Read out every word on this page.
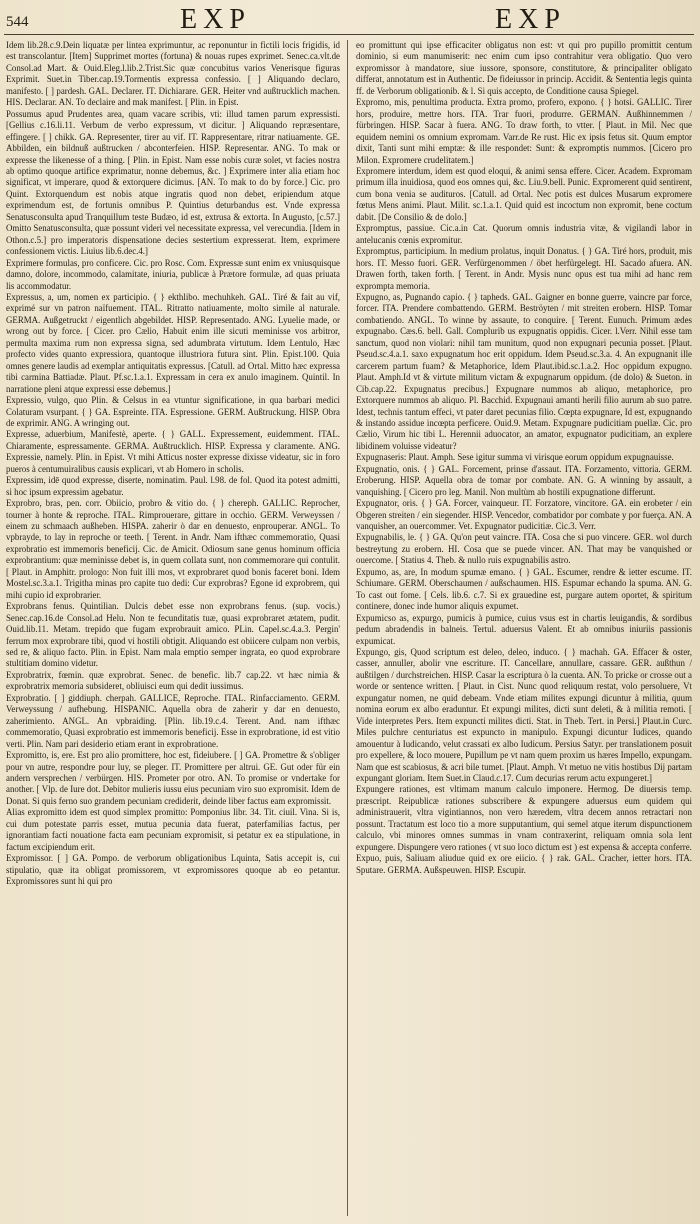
544	EXP	EXP

Idem lib.28.c.9.Dein liquatæ per lintea exprimuntur, ac reponuntur in fictili locis frigidis, id est transcolantur. [Item] Supprimet mortes (fortuna) & nouas rupes exprimet. Senec.ca.vlt.de Consol.ad Mart. & Ouid.Eleg.l.lib.2.Trist.Sic quæ concubitus varios Venerisque figuras Exprimit. Suet.in Tiber.cap.19.Tormentis expressa confessio. [ ] Aliquando declaro, manifesto. [ ] pardesh. GAL. Declarer. IT. Dichiarare. GER. Heiter vnd außtrucklich machen. HIS. Declarar. AN. To declaire and mak manifest. [ Plin. in Epist.

Possumus apud Prudentes area, quam vacare scribis, vti: illud tamen parum expressisti. [Gellius c.16.li.11. Verbum de verbo expressum, vt dicitur. ] Aliquando repræsentare, effingere. [ ] chikk. GA. Representer, tirer au vif. IT. Rappresentare, ritrar natiuamente. GE. Abbilden, ein bildnuß außtrucken / abconterfeien. HISP. Representar. ANG. To mak or expresse the likenesse of a thing. [ Plin. in Epist. Nam esse nobis curæ solet, vt facies nostra ab optimo quoque artifice exprimatur, nonne debemus, &c. ] Exprimere inter alia etiam hoc significat, vt imperare, quod & extorquere dicimus. [AN. To mak to do by force.] Cic. pro Quint. Extorquendum est nobis atque ingratis quod non debet, eripiendum atque exprimendum est, de fortunis omnibus P. Quintius deturbandus est. Vnde expressa Senatusconsulta apud Tranquillum teste Budæo, id est, extrusa & extorta. In Augusto, [c.57.] Omitto Senatusconsulta, quæ possunt videri vel necessitate expressa, vel verecundia. [Idem in Othon.c.5.] pro imperatoris dispensatione decies sestertium expresserat. Item, exprimere confessionem victis. Liuius lib.6.dec.4.]

Exprimere formulas, pro conficere. Cic. pro Rosc. Com. Expressæ sunt enim ex vniusquisque damno, dolore, incommodo, calamitate, iniuria, publicæ à Prætore formulæ, ad quas priuata lis accommodatur.

Expressus, a, um, nomen ex participio. { } ekthlibo. mechuhkeh. GAL. Tiré & fait au vif, exprimé sur vn patron naïfuement. ITAL. Ritratto natiuamente, molto simile al naturale. GERMA. Außgetruckt / eigentlich abgebildet. HISP. Representado. ANG. Lyuelie made, or wrong out by force. [ Cicer. pro Cælio, Habuit enim ille sicuti meminisse vos arbitror, permulta maxima rum non expressa signa, sed adumbrata virtutum. Idem Lentulo, Hæc profecto vides quanto expressiora, quantoque illustriora futura sint. Plin. Epist.100. Quia omnes genere laudis ad exemplar antiquitatis expressus. [Catull. ad Ortal. Mitto hæc expressa tibi carmina Battiadæ. Plaut. Pf.sc.1.a.1. Expressam in cera ex anulo imaginem. Quintil. In narratione pleni atque expressi esse debemus.]

Expressio, vulgo, quo Plin. & Celsus in ea vtuntur significatione, in qua barbari medici Colaturam vsurpant. { } GA. Espreinte. ITA. Espressione. GERM. Außtruckung. HISP. Obra de exprimir. ANG. A wringing out.

Expresse, aduerbium, Manifestè, aperte. { } GALL. Expressement, euidemment. ITAL. Chiaramente, espressamente. GERMA. Außtrucklich. HISP. Expressa y claramente. ANG. Expressie, namely. Plin. in Epist. Vt mihi Atticus noster expresse dixisse videatur, sic in foro pueros à centumuiralibus causis explicari, vt ab Homero in scholis.

Expressim, idē quod expresse, diserte, nominatim. Paul. l.98. de fol. Quod ita potest admitti, si hoc ipsum expressim agebatur.

Exprobro, bras, pen. corr. Obiicio, probro & vitio do. { } chereph. GALLIC. Reprocher, tourner à honte & reproche. ITAL. Rimprouerare, gittare in occhio. GERM. Verweyssen / einem zu schmaach außheben. HISPA. zaherir ò dar en denuesto, enprouperar. ANGL. To vpbrayde, to lay in reproche or teeth. [ Terent. in Andr. Nam ifthæc commemoratio, Quasi exprobratio est immemoris beneficij. Cic. de Amicit. Odiosum sane genus hominum officia exprobrantium: quæ meminisse debet is, in quem collata sunt, non commemorare qui contulit. [ Plaut. in Amphitr. prologo: Non fuit illi mos, vt exprobraret quod bonis faceret boni. Idem Mostel.sc.3.a.1. Trigitha minas pro capite tuo dedi: Cur exprobras? Egone id exprobrem, qui mihi cupio id exprobrarier.

Exprobrans fenus. Quintilian. Dulcis debet esse non exprobrans fenus. (sup. vocis.) Senec.cap.16.de Consol.ad Helu. Non te fecunditatis tuæ, quasi exprobraret ætatem, pudit. Ouid.lib.11. Metam. trepido que fugam exprobrauit amico. PLin. Capel.sc.4.a.3. Pergin' ferrum mox exprobrare tibi, quod vi hostili obtigit. Aliquando est obiicere culpam non verbis, sed re, & aliquo facto. Plin. in Epist. Nam mala emptio semper ingrata, eo quod exprobrare stultitiam domino videtur.

Exprobratrix, fœmin. quæ exprobrat. Senec. de benefic. lib.7 cap.22. vt hæc nimia & exprobratrix memoria subsideret, obliuisci eum qui dedit iussimus.

Exprobratio. [ ] giddiuph. cherpah. GALLICE, Reproche. ITAL. Rinfacciamento. GERM. Verweyssung / aufhebung. HISPANIC. Aquella obra de zaherir y dar en denuesto, zaherimiento. ANGL. An vpbraiding. [Plin. lib.19.c.4. Terent. And. nam ifthæc commemoratio, Quasi exprobratio est immemoris beneficij. Esse in exprobratione, id est vitio verti. Plin. Nam pari desiderio etiam erant in exprobratione.

Expromitto, is, ere. Est pro alio promittere, hoc est, fideiubere. [ ] GA. Promettre & s'obliger pour vn autre, respondre pour luy, se pleger. IT. Promittere per altrui. GE. Gut oder für ein andern versprechen / verbürgen. HIS. Prometer por otro. AN. To promise or vndertake for another. [ Vlp. de Iure dot. Debitor mulieris iussu eius pecuniam viro suo expromisit. Idem de Donat. Si quis ferno suo grandem pecuniam crediderit, deinde liber factus eam expromissit.

Alias expromitto idem est quod simplex promitto: Pomponius libr. 34. Tit. ciuil. Vina. Si is, cui dum potestate parris esset, mutua pecunia data fuerat, paterfamilias factus, per ignorantiam facti nouatione facta eam pecuniam expromisit, si petatur ex ea stipulatione, in factum excipiendum erit.

Expromissor. [ ] GA. Pompo. de verborum obligationibus Lquinta, Satis accepit is, cui stipulatio, quæ ita obligat promissorem, vt expromissores quoque ab eo petantur. Expromissores sunt hi qui pro

eo promittunt qui ipse efficaciter obligatus non est: vt qui pro pupillo promittit centum dominio, si eum manumiserit: nec enim cum ipso contrahitur vera obligatio. Quo vero expromissor à mandatore, siue iussore, sponsore, constitutore, & principaliter obligato differat, annotatum est in Authentic. De fideiussor in princip. Accidit. & Sententia legis quinta ff. de Verborum obligationib. & l. Si quis accepto, de Conditione causa Spiegel.

Expromo, mis, penultima producta. Extra promo, profero, expono. { } hotsi. GALLIC. Tirer hors, produire, mettre hors. ITA. Trar fuori, produrre. GERMAN. Außhinnemmen / fürbringen. HISP. Sacar à fuera. ANG. To draw forth, to vtter. [ Plaut. in Mil. Nec que equidem nemini os omnium expromam. Varr.de Re rust. Hic ex ipsis fetus sit. Quum emptor dixit, Tanti sunt mihi emptæ: & ille respondet: Sunt: & expromptis nummos. [Cicero pro Milon. Expromere crudelitatem.]

Expromere interdum, idem est quod eloqui, & animi sensa effere. Cicer. Academ. Expromam primum illa inuidiosa, quod eos omnes qui, &c. Liu.9.bell. Punic. Expromerent quid sentirent, cum bona venia se audituros. [Catull. ad Ortal. Nec potis est dulces Musarum expromere fœtus Mens animi. Plaut. Milit. sc.1.a.1. Quid quid est incoctum non expromit, bene coctum dabit. [De Consilio & de dolo.]

Expromptus, passiue. Cic.a.in Cat. Quorum omnis industria vitæ, & vigilandi labor in antelucanis cœnis expromitur.

Expromptus, participium. In medium prolatus, inquit Donatus. { } GA. Tiré hors, produit, mis hors. IT. Messo fuori. GER. Verfürgenommen / öbet herfürgelegt. HI. Sacado afuera. AN. Drawen forth, taken forth. [ Terent. in Andr. Mysis nunc opus est tua mihi ad hanc rem exprompta memoria.

Expugno, as, Pugnando capio. { } tapheds. GAL. Gaigner en bonne guerre, vaincre par force, forcer. ITA. Prendere combattendo. GERM. Beströyten / mit streiten erobern. HISP. Tomar combatiendo. ANGL. To winne by assaute, to conquire. [ Terent. Eunuch. Primum ædes expugnabo. Cæs.6. bell. Gall. Complurib us expugnatis oppidis. Cicer. l.Verr. Nihil esse tam sanctum, quod non violari: nihil tam munitum, quod non expugnari pecunia posset. [Plaut. Pseud.sc.4.a.1. saxo expugnatum hoc erit oppidum. Idem Pseud.sc.3.a. 4. An expugnanit ille carcerem partum fuam? & Metaphorice, Idem Plaut.ibid.sc.1.a.2. Hoc oppidum expugno. Plaut. Amph.Id vt & virtute militum victam & expugnarum oppidum. (de dolo) & Sueton. in Cib.cap.22. Expugnatus precibus.] Expugnare nummos ab aliquo, metaphorice, pro Extorquere nummos ab aliquo. Pl. Bacchid. Expugnaui amanti herili filio aurum ab suo patre. Idest, technis tantum effeci, vt pater daret pecunias filio. Cœpta expugnare, Id est, expugnando & instando assidue incœpta perficere. Ouid.9. Metam. Expugnare pudicitiam puellæ. Cic. pro Cælio, Virum hic tibi L. Herennii aduocator, an amator, expugnator pudicitiam, an explere libidinem voluisse videatur?

Expugnaseris: Plaut. Amph. Sese igitur summa vi virisque eorum oppidum expugnauisse.

Expugnatio, onis. { } GAL. Forcement, prinse d'assaut. ITA. Forzamento, vittoria. GERM. Eroberung. HISP. Aquella obra de tomar por combate. AN. G. A winning by assault, a vanquishing. [ Cicero pro leg. Manil. Non multùm ab hostili expugnatione differunt.

Expugnator, oris. { } GA. Forcer, vainqueur. IT. Forzatore, vincitore. GA. ein erobeter / ein Obgeren streiten / ein siegender. HISP. Vencedor, combatidor por combate y por fuerça. AN. A vanquisher, an ouercommer. Vet. Expugnator pudicitiæ. Cic.3. Verr.

Expugnabilis, le. { } GA. Qu'on peut vaincre. ITA. Cosa che si puo vincere. GER. wol durch bestreytung zu erobern. HI. Cosa que se puede vincer. AN. That may be vanquished or ouercome. [ Statius 4. Theb. & nullo ruis expugnabilis astro.

Expumo, as, are, In modum spumæ emano. { } GAL. Escumer, rendre & ietter escume. IT. Schiumare. GERM. Oberschaumen / außschaumen. HIS. Espumar echando la spuma. AN. G. To cast out fome. [ Cels. lib.6. c.7. Si ex grauedine est, purgare autem oportet, & spiritum continere, donec inde humor aliquis expumet.

Expumicso as, expurgo, pumicis à pumice, cuius vsus est in chartis leuigandis, & sordibus pedum abradendis in balneis. Tertul. aduersus Valent. Et ab omnibus iniuriis passionis expumicat.

Expungo, gis, Quod scriptum est deleo, deleo, induco. { } machah. GA. Effacer & oster, casser, annuller, abolir vne escriture. IT. Cancellare, annullare, cassare. GER. außthun / außtilgen / durchstreichen. HISP. Casar la escriptura ò la cuenta. AN. To pricke or crosse out a worde or sentence written. [ Plaut. in Cist. Nunc quod reliquum restat, volo persoluere, Vt expungatur nomen, ne quid debeam. Vnde etiam milites expungi dicuntur à militia, quum nomina eorum ex albo eraduntur. Et expungi milites, dicti sunt deleti, & à militia remoti. [ Vide interpretes Pers. Item expuncti milites dicti. Stat. in Theb. Tert. in Persi.] Plaut.in Curc. Miles pulchre centuriatus est expuncto in manipulo. Expungi dicuntur Iudices, quando amouentur à Iudicando, velut crassati ex albo Iudicum. Persius Satyr. per translationem posuit pro expellere, & loco mouere, Pupillum pe vt nam quem proxim us hæres Impello, expungam. Nam que est scabiosus, & acri bile tumet. [Plaut. Amph. Vt metuo ne vitis hostibus Dij partam expungant gloriam. Item Suet.in Claud.c.17. Cum decurias rerum actu expungeret.]

Expungere rationes, est vltimam manum calculo imponere. Hermog. De diuersis temp. præscript. Reipublicæ rationes subscribere & expungere aduersus eum quidem qui administrauerit, vltra vigintiannos, non vero hæredem, vltra decem annos retractari non possunt. Tractatum est loco tio a more supputantium, qui semel atque iterum dispunctionem calculo, vbi minores omnes summas in vnam contraxerint, reliquam omnia sola lent expungere. Dispungere vero rationes ( vt suo loco dictum est ) est expensa & accepta conferre.

Expuo, puis, Saliuam aliudue quid ex ore eiicio. { } rak. GAL. Cracher, ietter hors. ITA. Sputare. GERMA. Außspeuwen. HISP. Escupir.
